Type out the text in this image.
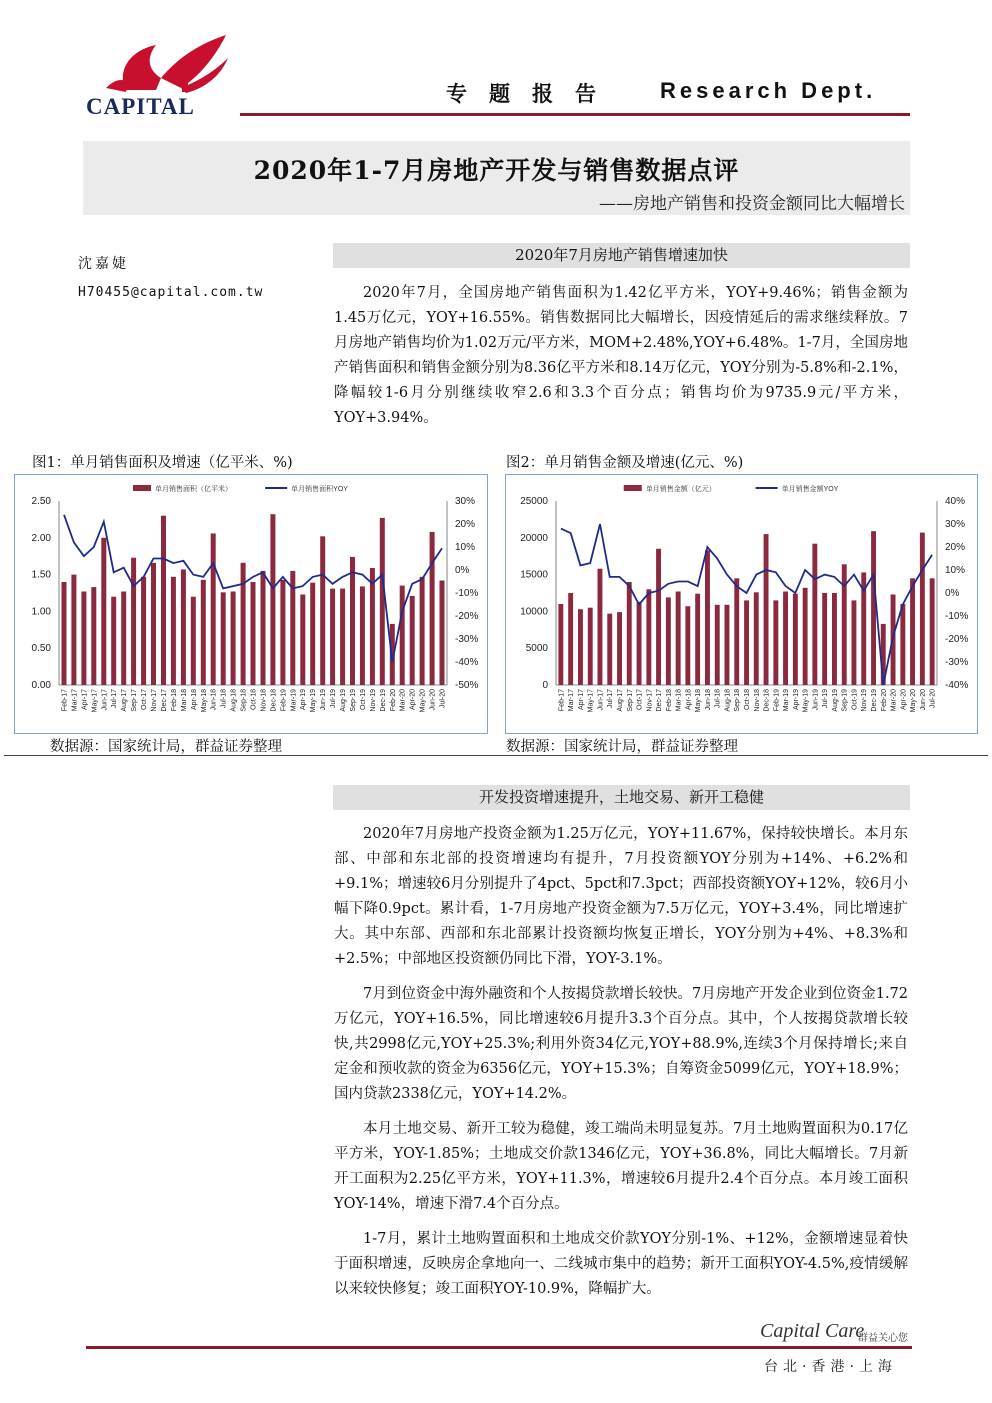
CAPITAL	专题报告 Research Dept.
2020年1-7月房地产开发与销售数据点评
——房地产销售和投资金额同比大幅增长
沈嘉婕
H70455@capital.com.tw
2020年7月房地产销售增速加快

2020年7月，全国房地产销售面积为1.42亿平方米，YOY+9.46%；销售金额为1.45万亿元，YOY+16.55%。销售数据同比大幅增长，因疫情延后的需求继续释放。7月房地产销售均价为1.02万元/平方米，MOM+2.48%,YOY+6.48%。1-7月，全国房地产销售面积和销售金额分别为8.36亿平方米和8.14万亿元，YOY分别为-5.8%和-2.1%，降幅较1-6月分别继续收窄2.6和3.3个百分点；销售均价为9735.9元/平方米，YOY+3.94%。

图1：单月销售面积及增速（亿平米、%)	图2：单月销售金额及增速(亿元、%)
单月销售面积（亿平米）	单月销售面积YOY
0.00
0.50
1.00
1.50
2.00
2.50	30%
20%
10%
0%
-10%
-20%
-30%
-40%
-50%
Feb-17 Mar-17 Apr-17 May-17 Jun-17 Jul-17 Aug-17 Sep-17 Oct-17 Nov-17 Dec-17 Feb-18 Mar-18 Apr-18 May-18 Jun-18 Jul-18 Aug-18 Sep-18 Oct-18 Nov-18 Dec-18 Feb-19 Mar-19 Apr-19 May-19 Jun-19 Jul-19 Aug-19 Sep-19 Oct-19 Nov-19 Dec-19 Feb-20 Mar-20 Apr-20 May-20 Jun-20 Jul-20
单月销售金额（亿元）	单月销售金额YOY
0
5000
10000
15000
20000
25000	40%
30%
20%
10%
0%
-10%
-20%
-30%
-40%
Feb-17 Mar-17 Apr-17 May-17 Jun-17 Jul-17 Aug-17 Sep-17 Oct-17 Nov-17 Dec-17 Feb-18 Mar-18 Apr-18 May-18 Jun-18 Jul-18 Aug-18 Sep-18 Oct-18 Nov-18 Dec-18 Feb-19 Mar-19 Apr-19 May-19 Jun-19 Jul-19 Aug-19 Sep-19 Oct-19 Nov-19 Dec-19 Feb-20 Mar-20 Apr-20 May-20 Jun-20 Jul-20
数据源：国家统计局，群益证券整理	数据源：国家统计局，群益证券整理
开发投资增速提升，土地交易、新开工稳健

2020年7月房地产投资金额为1.25万亿元，YOY+11.67%，保持较快增长。本月东部、中部和东北部的投资增速均有提升，7月投资额YOY分别为+14%、+6.2%和+9.1%；增速较6月分别提升了4pct、5pct和7.3pct；西部投资额YOY+12%，较6月小幅下降0.9pct。累计看，1-7月房地产投资金额为7.5万亿元，YOY+3.4%，同比增速扩大。其中东部、西部和东北部累计投资额均恢复正增长，YOY分别为+4%、+8.3%和+2.5%；中部地区投资额仍同比下滑，YOY-3.1%。

7月到位资金中海外融资和个人按揭贷款增长较快。7月房地产开发企业到位资金1.72万亿元，YOY+16.5%，同比增速较6月提升3.3个百分点。其中，个人按揭贷款增长较快,共2998亿元,YOY+25.3%;利用外资34亿元,YOY+88.9%,连续3个月保持增长;来自定金和预收款的资金为6356亿元，YOY+15.3%；自筹资金5099亿元，YOY+18.9%；国内贷款2338亿元，YOY+14.2%。

本月土地交易、新开工较为稳健，竣工端尚未明显复苏。7月土地购置面积为0.17亿平方米，YOY-1.85%；土地成交价款1346亿元，YOY+36.8%，同比大幅增长。7月新开工面积为2.25亿平方米，YOY+11.3%，增速较6月提升2.4个百分点。本月竣工面积YOY-14%，增速下滑7.4个百分点。

1-7月，累计土地购置面积和土地成交价款YOY分别-1%、+12%，金额增速显着快于面积增速，反映房企拿地向一、二线城市集中的趋势；新开工面积YOY-4.5%,疫情缓解以来较快修复；竣工面积YOY-10.9%，降幅扩大。

Capital Care
群益关心您
台北·香港·上海
